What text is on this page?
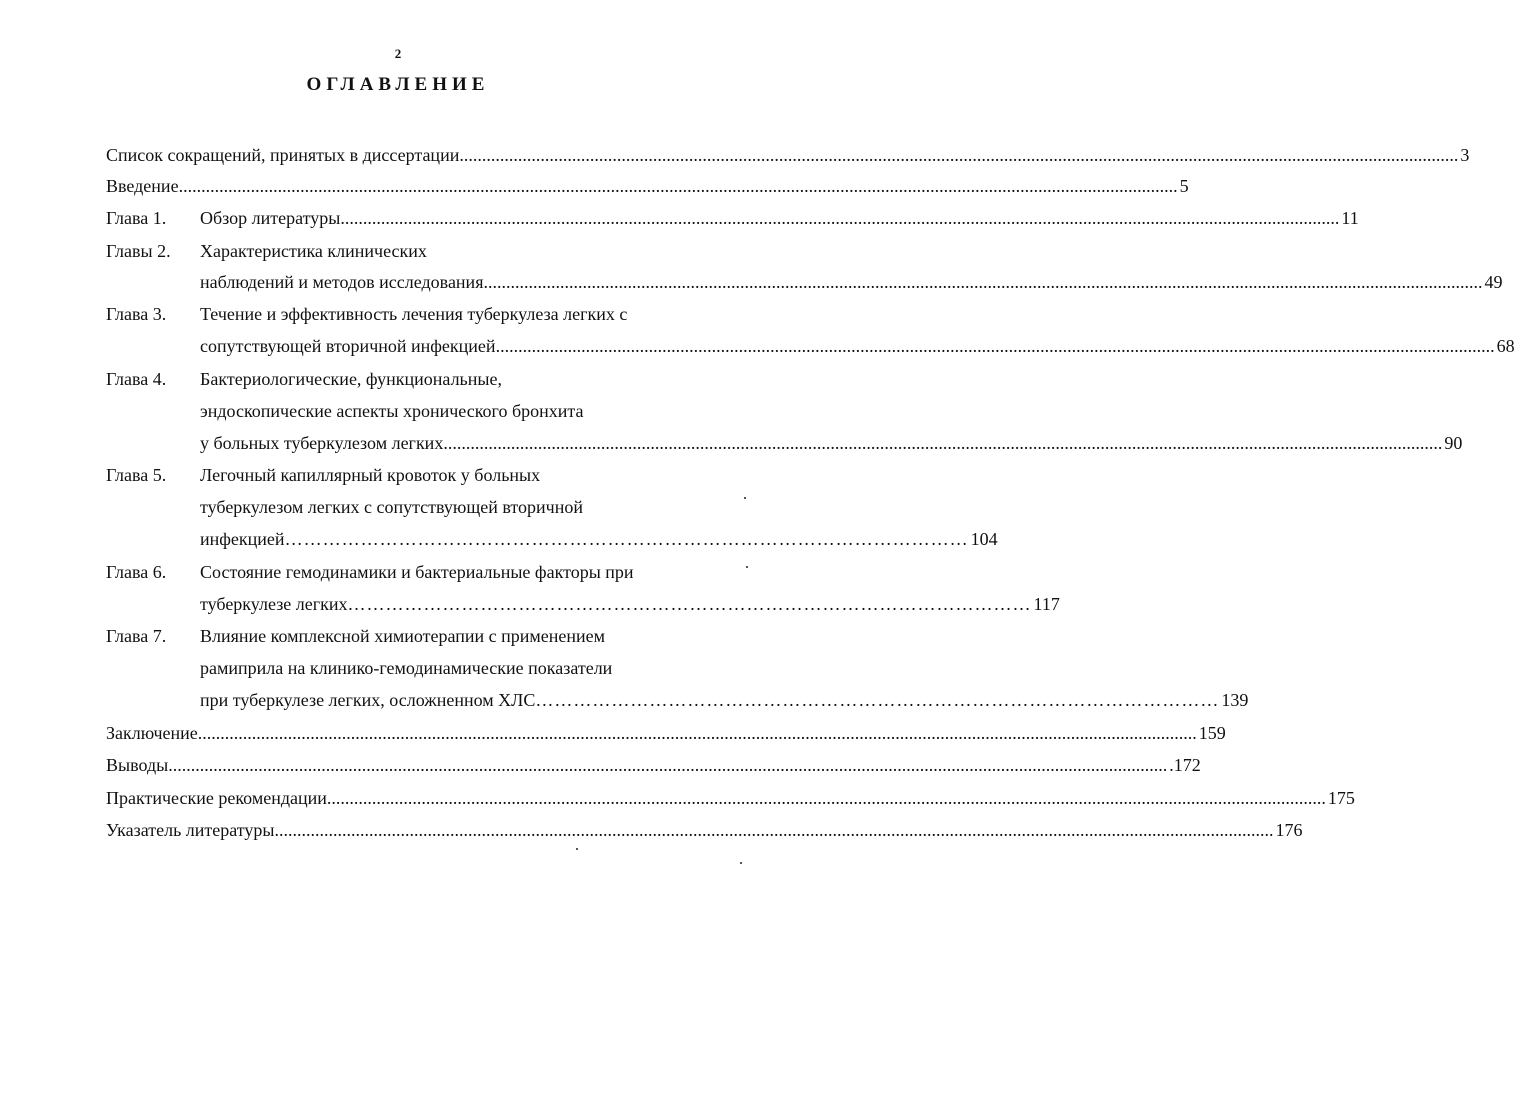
2
ОГЛАВЛЕНИЕ
Список сокращений, принятых в диссертации .............................................................................................................................................................................................................................. 3
Введение .............................................................................................................................................................................................................................. 5
Глава 1. Обзор литературы .............................................................................................................................................................................................................................. 11
Главы 2. Характеристика клинических
наблюдений и методов исследования .............................................................................................................................................................................................................................. 49
Глава 3. Течение и эффективность лечения туберкулеза легких с
сопутствующей вторичной инфекцией .............................................................................................................................................................................................................................. 68
Глава 4. Бактериологические, функциональные,
эндоскопические аспекты хронического бронхита
у больных туберкулезом легких .............................................................................................................................................................................................................................. 90
Глава 5. Легочный капиллярный кровоток у больных
туберкулезом легких с сопутствующей вторичной
инфекцией ……………………………………………………………………………………………… 104
Глава 6. Состояние гемодинамики и бактериальные факторы при
туберкулезе легких ……………………………………………………………………………………………… 117
Глава 7. Влияние комплексной химиотерапии с применением
рамиприла на клинико-гемодинамические показатели
при туберкулезе легких, осложненном ХЛС ……………………………………………………………………………………………… 139
Заключение .............................................................................................................................................................................................................................. 159
Выводы .............................................................................................................................................................................................................................. .172
Практические рекомендации .............................................................................................................................................................................................................................. 175
Указатель литературы .............................................................................................................................................................................................................................. 176
